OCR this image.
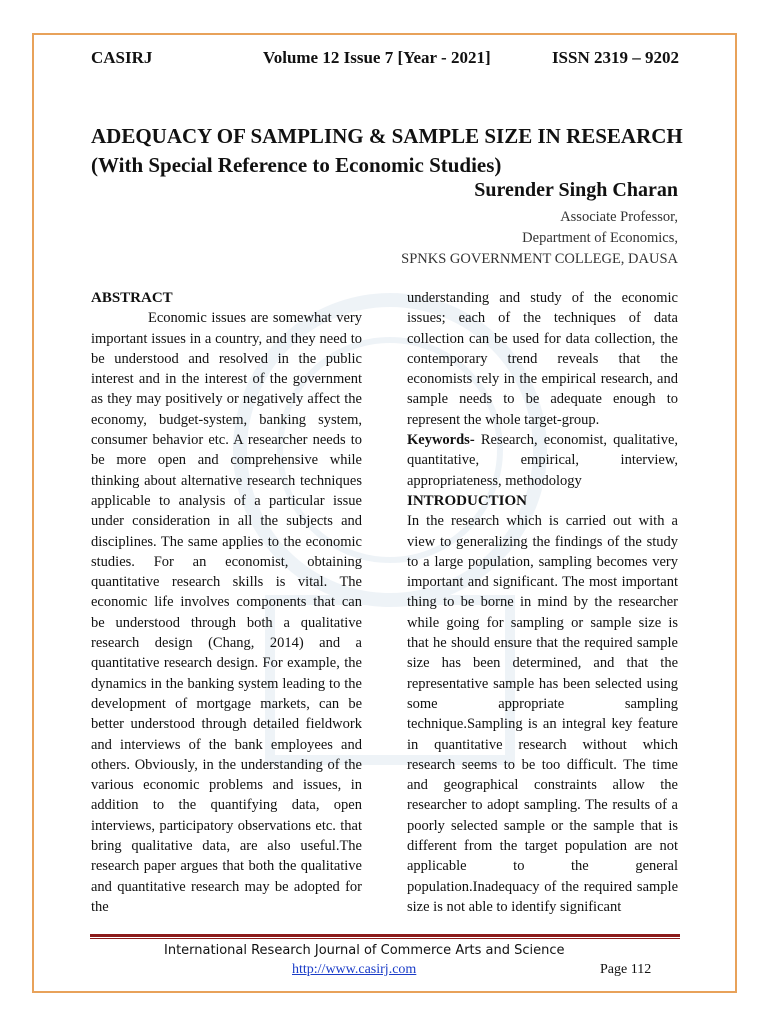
CASIRJ	Volume 12 Issue 7 [Year - 2021]	ISSN 2319 – 9202
ADEQUACY OF SAMPLING & SAMPLE SIZE IN RESEARCH
(With Special Reference to Economic Studies)
Surender Singh Charan
Associate Professor,
Department of Economics,
SPNKS GOVERNMENT COLLEGE, DAUSA
ABSTRACT

Economic issues are somewhat very important issues in a country, and they need to be understood and resolved in the public interest and in the interest of the government as they may positively or negatively affect the economy, budget-system, banking system, consumer behavior etc. A researcher needs to be more open and comprehensive while thinking about alternative research techniques applicable to analysis of a particular issue under consideration in all the subjects and disciplines. The same applies to the economic studies. For an economist, obtaining quantitative research skills is vital. The economic life involves components that can be understood through both a qualitative research design (Chang, 2014) and a quantitative research design. For example, the dynamics in the banking system leading to the development of mortgage markets, can be better understood through detailed fieldwork and interviews of the bank employees and others. Obviously, in the understanding of the various economic problems and issues, in addition to the quantifying data, open interviews, participatory observations etc. that bring qualitative data, are also useful.The research paper argues that both the qualitative and quantitative research may be adopted for the

understanding and study of the economic issues; each of the techniques of data collection can be used for data collection, the contemporary trend reveals that the economists rely in the empirical research, and sample needs to be adequate enough to represent the whole target-group.

Keywords- Research, economist, qualitative, quantitative, empirical, interview, appropriateness, methodology

INTRODUCTION

In the research which is carried out with a view to generalizing the findings of the study to a large population, sampling becomes very important and significant. The most important thing to be borne in mind by the researcher while going for sampling or sample size is that he should ensure that the required sample size has been determined, and that the representative sample has been selected using some appropriate sampling technique.Sampling is an integral key feature in quantitative research without which research seems to be too difficult. The time and geographical constraints allow the researcher to adopt sampling. The results of a poorly selected sample or the sample that is different from the target population are not applicable to the general population.Inadequacy of the required sample size is not able to identify significant

International Research Journal of Commerce Arts and Science
http://www.casirj.com	Page 112
